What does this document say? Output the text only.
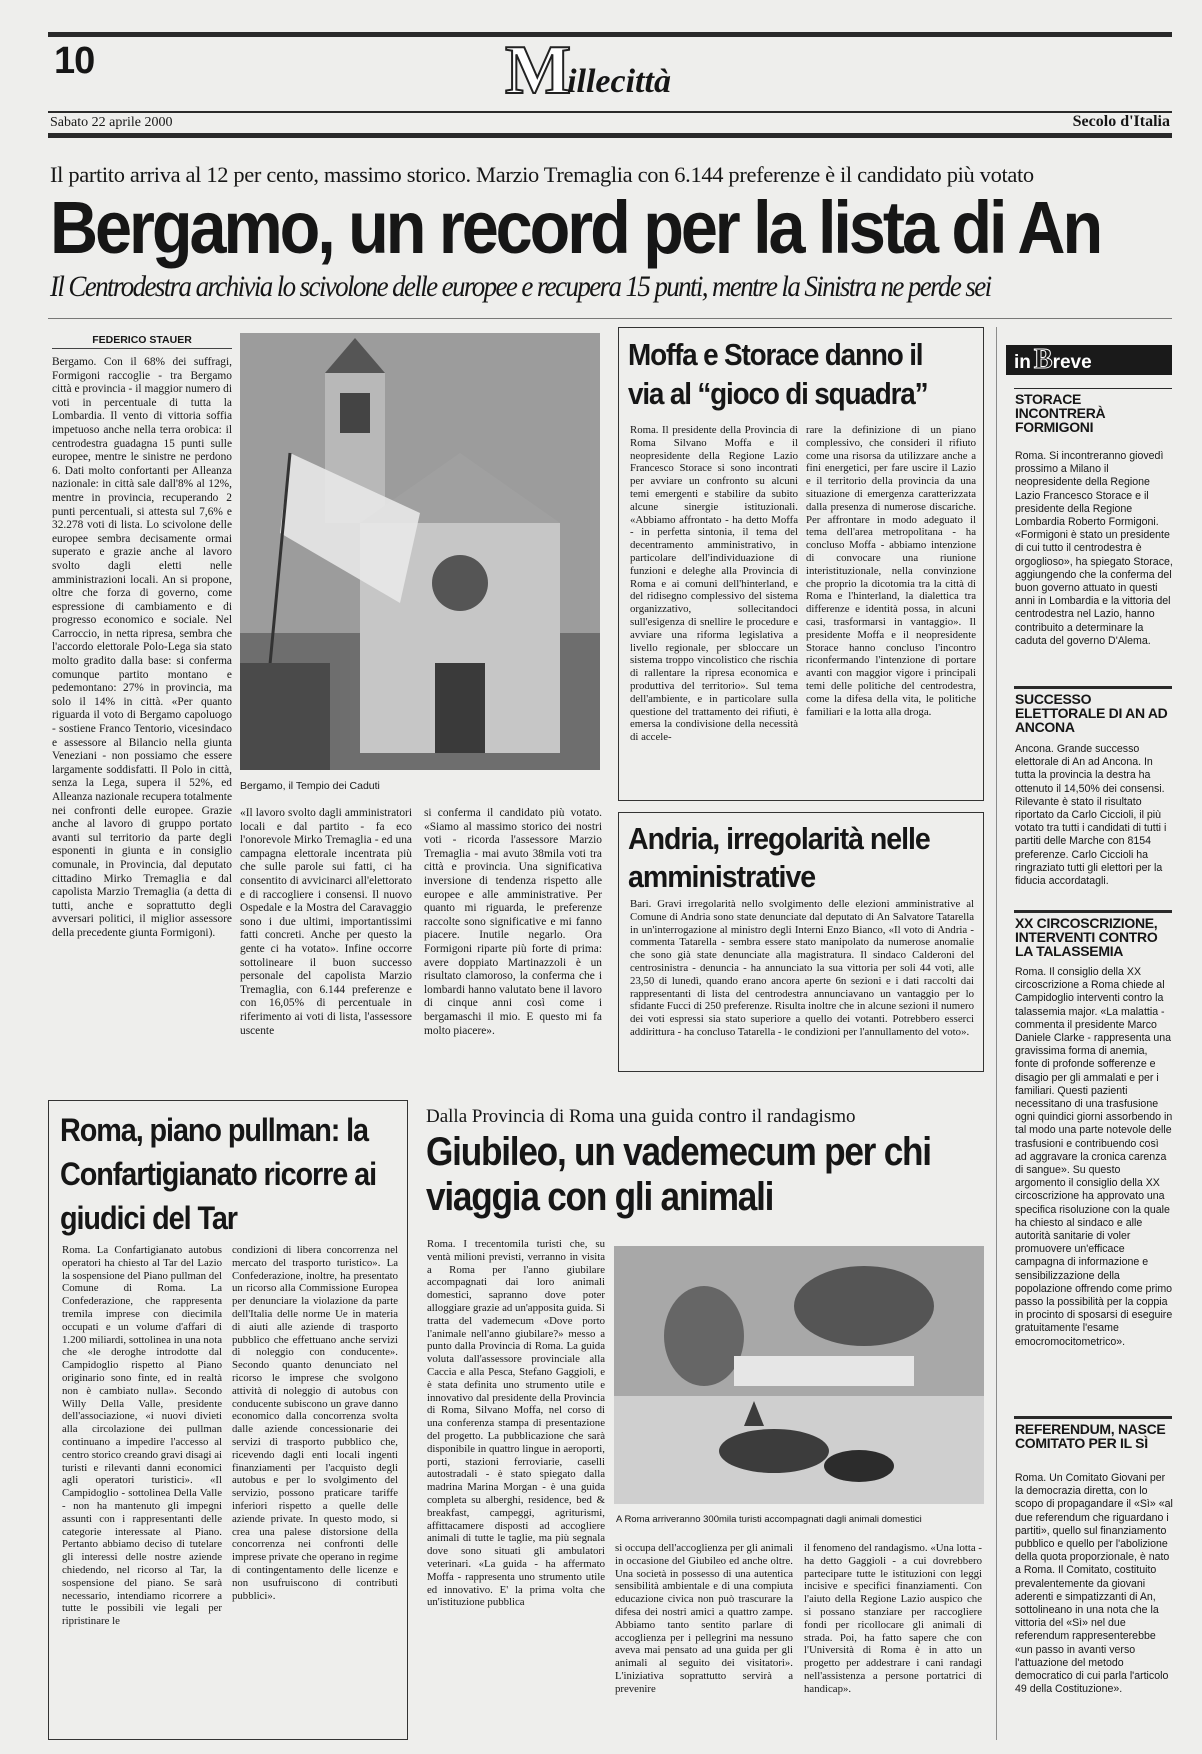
10	Millecittà
Sabato 22 aprile 2000	Secolo d'Italia
Il partito arriva al 12 per cento, massimo storico. Marzio Tremaglia con 6.144 preferenze è il candidato più votato
Bergamo, un record per la lista di An
Il Centrodestra archivia lo scivolone delle europee e recupera 15 punti, mentre la Sinistra ne perde sei
FEDERICO STAUER
Bergamo. Con il 68% dei suffragi, Formigoni raccoglie - tra Bergamo città e provincia - il maggior numero di voti in percentuale di tutta la Lombardia. Il vento di vittoria soffia impetuoso anche nella terra orobica: il centrodestra guadagna 15 punti sulle europee, mentre le sinistre ne perdono 6. Dati molto confortanti per Alleanza nazionale: in città sale dall'8% al 12%, mentre in provincia, recuperando 2 punti percentuali, si attesta sul 7,6% e 32.278 voti di lista. Lo scivolone delle europee sembra decisamente ormai superato e grazie anche al lavoro svolto dagli eletti nelle amministrazioni locali. An si propone, oltre che forza di governo, come espressione di cambiamento e di progresso economico e sociale. Nel Carroccio, in netta ripresa, sembra che l'accordo elettorale Polo-Lega sia stato molto gradito dalla base: si conferma comunque partito montano e pedemontano: 27% in provincia, ma solo il 14% in città. «Per quanto riguarda il voto di Bergamo capoluogo - sostiene Franco Tentorio, vicesindaco e assessore al Bilancio nella giunta Veneziani - non possiamo che essere largamente soddisfatti. Il Polo in città, senza la Lega, supera il 52%, ed Alleanza nazionale recupera totalmente nei confronti delle europee. Grazie anche al lavoro di gruppo portato avanti sul territorio da parte degli esponenti in giunta e in consiglio comunale, in Provincia, dal deputato cittadino Mirko Tremaglia e dal capolista Marzio Tremaglia (a detta di tutti, anche e soprattutto degli avversari politici, il miglior assessore della precedente giunta Formigoni).
Bergamo, il Tempio dei Caduti
«Il lavoro svolto dagli amministratori locali e dal partito - fa eco l'onorevole Mirko Tremaglia - ed una campagna elettorale incentrata più che sulle parole sui fatti, ci ha consentito di avvicinarci all'elettorato e di raccogliere i consensi. Il nuovo Ospedale e la Mostra del Caravaggio sono i due ultimi, importantissimi fatti concreti. Anche per questo la gente ci ha votato». Infine occorre sottolineare il buon successo personale del capolista Marzio Tremaglia, con 6.144 preferenze e con 16,05% di percentuale in riferimento ai voti di lista, l'assessore uscente
si conferma il candidato più votato. «Siamo al massimo storico dei nostri voti - ricorda l'assessore Marzio Tremaglia - mai avuto 38mila voti tra città e provincia. Una significativa inversione di tendenza rispetto alle europee e alle amministrative. Per quanto mi riguarda, le preferenze raccolte sono significative e mi fanno piacere. Inutile negarlo. Ora Formigoni riparte più forte di prima: avere doppiato Martinazzoli è un risultato clamoroso, la conferma che i lombardi hanno valutato bene il lavoro di cinque anni così come i bergamaschi il mio. E questo mi fa molto piacere».
Moffa e Storace danno il via al “gioco di squadra”
Roma. Il presidente della Provincia di Roma Silvano Moffa e il neopresidente della Regione Lazio Francesco Storace si sono incontrati per avviare un confronto su alcuni temi emergenti e stabilire da subito alcune sinergie istituzionali. «Abbiamo affrontato - ha detto Moffa - in perfetta sintonia, il tema del decentramento amministrativo, in particolare dell'individuazione di funzioni e deleghe alla Provincia di Roma e ai comuni dell'hinterland, e del ridisegno complessivo del sistema organizzativo, sollecitandoci sull'esigenza di snellire le procedure e avviare una riforma legislativa a livello regionale, per sbloccare un sistema troppo vincolistico che rischia di rallentare la ripresa economica e produttiva del territorio». Sul tema dell'ambiente, e in particolare sulla questione del trattamento dei rifiuti, è emersa la condivisione della necessità di accele-
rare la definizione di un piano complessivo, che consideri il rifiuto come una risorsa da utilizzare anche a fini energetici, per fare uscire il Lazio e il territorio della provincia da una situazione di emergenza caratterizzata dalla presenza di numerose discariche. Per affrontare in modo adeguato il tema dell'area metropolitana - ha concluso Moffa - abbiamo intenzione di convocare una riunione interistituzionale, nella convinzione che proprio la dicotomia tra la città di Roma e l'hinterland, la dialettica tra differenze e identità possa, in alcuni casi, trasformarsi in vantaggio». Il presidente Moffa e il neopresidente Storace hanno concluso l'incontro riconfermando l'intenzione di portare avanti con maggior vigore i principali temi delle politiche del centrodestra, come la difesa della vita, le politiche familiari e la lotta alla droga.
Andria, irregolarità nelle amministrative
Bari. Gravi irregolarità nello svolgimento delle elezioni amministrative al Comune di Andria sono state denunciate dal deputato di An Salvatore Tatarella in un'interrogazione al ministro degli Interni Enzo Bianco, «Il voto di Andria - commenta Tatarella - sembra essere stato manipolato da numerose anomalie che sono già state denunciate alla magistratura. Il sindaco Calderoni del centrosinistra - denuncia - ha annunciato la sua vittoria per soli 44 voti, alle 23,50 di lunedì, quando erano ancora aperte 6n sezioni e i dati raccolti dai rappresentanti di lista del centrodestra annunciavano un vantaggio per lo sfidante Fucci di 250 preferenze. Risulta inoltre che in alcune sezioni il numero dei voti espressi sia stato superiore a quello dei votanti. Potrebbero esserci addirittura - ha concluso Tatarella - le condizioni per l'annullamento del voto».
Roma, piano pullman: la Confartigianato ricorre ai giudici del Tar
Roma. La Confartigianato autobus operatori ha chiesto al Tar del Lazio la sospensione del Piano pullman del Comune di Roma. La Confederazione, che rappresenta tremila imprese con diecimila occupati e un volume d'affari di 1.200 miliardi, sottolinea in una nota che «le deroghe introdotte dal Campidoglio rispetto al Piano originario sono finte, ed in realtà non è cambiato nulla». Secondo Willy Della Valle, presidente dell'associazione, «i nuovi divieti alla circolazione dei pullman continuano a impedire l'accesso al centro storico creando gravi disagi ai turisti e rilevanti danni economici agli operatori turistici». «Il Campidoglio - sottolinea Della Valle - non ha mantenuto gli impegni assunti con i rappresentanti delle categorie interessate al Piano. Pertanto abbiamo deciso di tutelare gli interessi delle nostre aziende chiedendo, nel ricorso al Tar, la sospensione del piano. Se sarà necessario, intendiamo ricorrere a tutte le possibili vie legali per ripristinare le
condizioni di libera concorrenza nel mercato del trasporto turistico». La Confederazione, inoltre, ha presentato un ricorso alla Commissione Europea per denunciare la violazione da parte dell'Italia delle norme Ue in materia di aiuti alle aziende di trasporto pubblico che effettuano anche servizi di noleggio con conducente». Secondo quanto denunciato nel ricorso le imprese che svolgono attività di noleggio di autobus con conducente subiscono un grave danno economico dalla concorrenza svolta dalle aziende concessionarie dei servizi di trasporto pubblico che, ricevendo dagli enti locali ingenti finanziamenti per l'acquisto degli autobus e per lo svolgimento del servizio, possono praticare tariffe inferiori rispetto a quelle delle aziende private. In questo modo, si crea una palese distorsione della concorrenza nei confronti delle imprese private che operano in regime di contingentamento delle licenze e non usufruiscono di contributi pubblici».
Dalla Provincia di Roma una guida contro il randagismo
Giubileo, un vademecum per chi viaggia con gli animali
Roma. I trecentomila turisti che, su ventà milioni previsti, verranno in visita a Roma per l'anno giubilare accompagnati dai loro animali domestici, sapranno dove poter alloggiare grazie ad un'apposita guida. Si tratta del vademecum «Dove porto l'animale nell'anno giubilare?» messo a punto dalla Provincia di Roma. La guida voluta dall'assessore provinciale alla Caccia e alla Pesca, Stefano Gaggioli, e è stata definita uno strumento utile e innovativo dal presidente della Provincia di Roma, Silvano Moffa, nel corso di una conferenza stampa di presentazione del progetto. La pubblicazione che sarà disponibile in quattro lingue in aeroporti, porti, stazioni ferroviarie, caselli autostradali - è stato spiegato dalla madrina Marina Morgan - è una guida completa su alberghi, residence, bed & breakfast, campeggi, agriturismi, affittacamere disposti ad accogliere animali di tutte le taglie, ma più segnala dove sono situati gli ambulatori veterinari. «La guida - ha affermato Moffa - rappresenta uno strumento utile ed innovativo. E' la prima volta che un'istituzione pubblica
A Roma arriveranno 300mila turisti accompagnati dagli animali domestici
si occupa dell'accoglienza per gli animali in occasione del Giubileo ed anche oltre. Una società in possesso di una autentica sensibilità ambientale e di una compiuta educazione civica non può trascurare la difesa dei nostri amici a quattro zampe. Abbiamo tanto sentito parlare di accoglienza per i pellegrini ma nessuno aveva mai pensato ad una guida per gli animali al seguito dei visitatori». L'iniziativa soprattutto servirà a prevenire
il fenomeno del randagismo. «Una lotta - ha detto Gaggioli - a cui dovrebbero partecipare tutte le istituzioni con leggi incisive e specifici finanziamenti. Con l'aiuto della Regione Lazio auspico che si possano stanziare per raccogliere fondi per ricollocare gli animali di strada. Poi, ha fatto sapere che con l'Università di Roma è in atto un progetto per addestrare i cani randagi nell'assistenza a persone portatrici di handicap».
in Breve
STORACE INCONTRERÀ FORMIGONI
Roma. Si incontreranno giovedì prossimo a Milano il neopresidente della Regione Lazio Francesco Storace e il presidente della Regione Lombardia Roberto Formigoni. «Formigoni è stato un presidente di cui tutto il centrodestra è orgoglioso», ha spiegato Storace, aggiungendo che la conferma del buon governo attuato in questi anni in Lombardia e la vittoria del centrodestra nel Lazio, hanno contribuito a determinare la caduta del governo D'Alema.
SUCCESSO ELETTORALE DI AN AD ANCONA
Ancona. Grande successo elettorale di An ad Ancona. In tutta la provincia la destra ha ottenuto il 14,50% dei consensi. Rilevante è stato il risultato riportato da Carlo Ciccioli, il più votato tra tutti i candidati di tutti i partiti delle Marche con 8154 preferenze. Carlo Ciccioli ha ringraziato tutti gli elettori per la fiducia accordatagli.
XX CIRCOSCRIZIONE, INTERVENTI CONTRO LA TALASSEMIA
Roma. Il consiglio della XX circoscrizione a Roma chiede al Campidoglio interventi contro la talassemia major. «La malattia - commenta il presidente Marco Daniele Clarke - rappresenta una gravissima forma di anemia, fonte di profonde sofferenze e disagio per gli ammalati e per i familiari. Questi pazienti necessitano di una trasfusione ogni quindici giorni assorbendo in tal modo una parte notevole delle trasfusioni e contribuendo così ad aggravare la cronica carenza di sangue». Su questo argomento il consiglio della XX circoscrizione ha approvato una specifica risoluzione con la quale ha chiesto al sindaco e alle autorità sanitarie di voler promuovere un'efficace campagna di informazione e sensibilizzazione della popolazione offrendo come primo passo la possibilità per la coppia in procinto di sposarsi di eseguire gratuitamente l'esame emocromocitometrico».
REFERENDUM, NASCE COMITATO PER IL SÌ
Roma. Un Comitato Giovani per la democrazia diretta, con lo scopo di propagandare il «Sì» «al due referendum che riguardano i partiti», quello sul finanziamento pubblico e quello per l'abolizione della quota proporzionale, è nato a Roma. Il Comitato, costituito prevalentemente da giovani aderenti e simpatizzanti di An, sottolineano in una nota che la vittoria del «Sì» nel due referendum rappresenterebbe «un passo in avanti verso l'attuazione del metodo democratico di cui parla l'articolo 49 della Costituzione».
